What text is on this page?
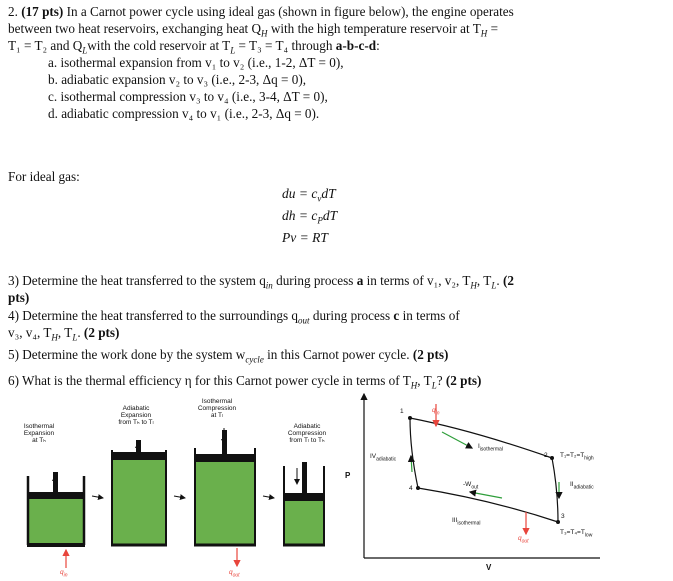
2. (17 pts) In a Carnot power cycle using ideal gas (shown in figure below), the engine operates
between two heat reservoirs, exchanging heat $Q_H$ with the high temperature reservoir at $T_H$ =
T₁ = T₂ and $Q_Lwith$ the cold reservoir at $T_L = T_3 = T_4$ through a-b-c-d:
a. isothermal expansion from v₁ to v₂ (i.e., 1-2, ΔT = 0),
b. adiabatic expansion v₂ to v₃ (i.e., 2-3, Δq = 0),
c. isothermal compression v₃ to v₄ (i.e., 3-4, ΔT = 0),
d. adiabatic compression v₄ to v₁ (i.e., 2-3, Δq = 0).
For ideal gas:
du = $c_vdT$
dh = $c_PdT$
Pv = RT
3) Determine the heat transferred to the system $q_{in}$ during process a in terms of v₁, v₂, $T_H$, $T_L$. (2
pts)
4) Determine the heat transferred to the surroundings $q_{out}$ during process c in terms of
v₃, v₄, $T_H$, $T_L$. (2 pts)
5) Determine the work done by the system $w_{cycle}$ in this Carnot power cycle. (2 pts)
6) What is the thermal efficiency η for this Carnot power cycle in terms of $T_H$, $T_L$? (2 pts)
Isothermal
Expansion
at Tₕ
Adiabatic
Expansion
from Tₕ to Tₗ
Isothermal
Compression
at Tₗ
Adiabatic
Compression
from Tₗ to Tₕ
$q_{in}$	$q_{out}$
P
V
1
2
3
4
$q_{in}$
$q_{out}$
$I_{isothermal}$
$IV_{adiabatic}$
$II_{adiabatic}$
$III_{isothermal}$
$-W_{out}$
$T_1=T_2=T_{high}$
$T_3=T_4=T_{low}$
